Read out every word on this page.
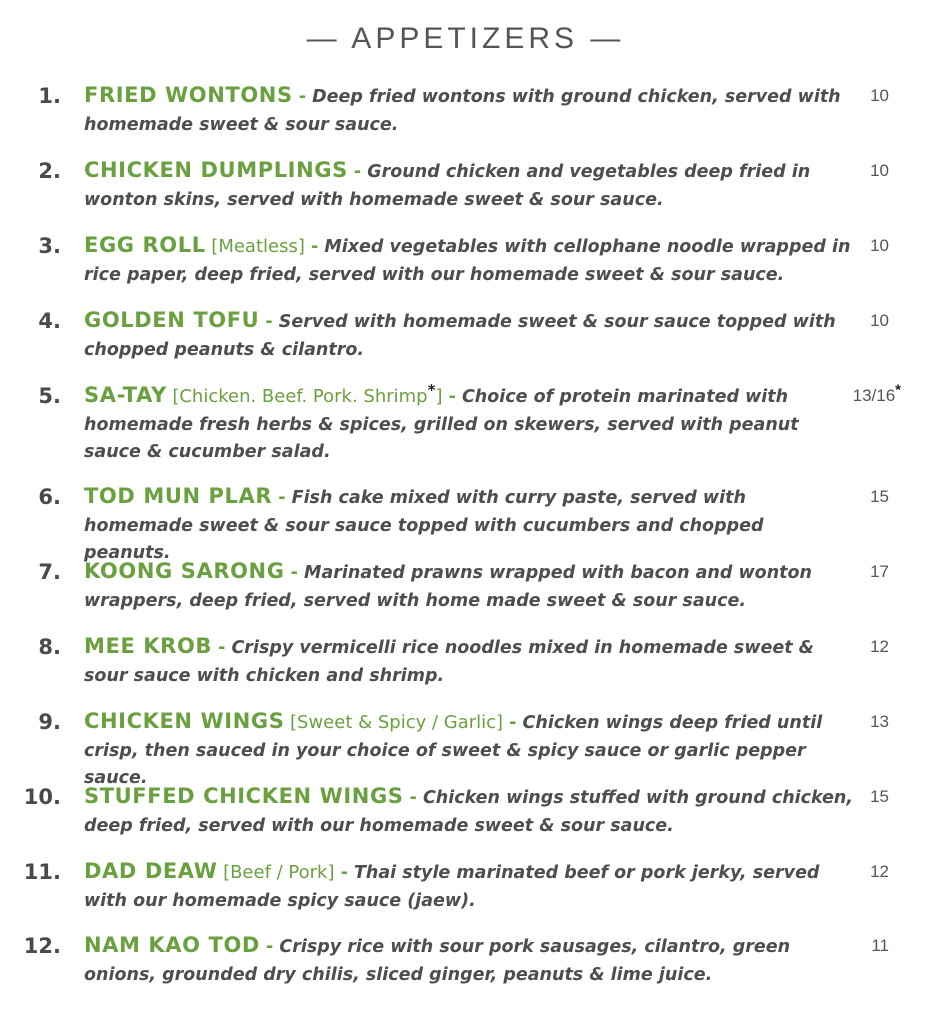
— APPETIZERS —
1. FRIED WONTONS - Deep fried wontons with ground chicken, served with homemade sweet & sour sauce.
10
2. CHICKEN DUMPLINGS - Ground chicken and vegetables deep fried in wonton skins, served with homemade sweet & sour sauce.
10
3. EGG ROLL [Meatless] - Mixed vegetables with cellophane noodle wrapped in rice paper, deep fried, served with our homemade sweet & sour sauce.
10
4. GOLDEN TOFU - Served with homemade sweet & sour sauce topped with chopped peanuts & cilantro.
10
5. SA-TAY [Chicken. Beef. Pork. Shrimp*] - Choice of protein marinated with homemade fresh herbs & spices, grilled on skewers, served with peanut sauce & cucumber salad.
13/16*
6. TOD MUN PLAR - Fish cake mixed with curry paste, served with homemade sweet & sour sauce topped with cucumbers and chopped peanuts.
15
7. KOONG SARONG - Marinated prawns wrapped with bacon and wonton wrappers, deep fried, served with home made sweet & sour sauce.
17
8. MEE KROB - Crispy vermicelli rice noodles mixed in homemade sweet & sour sauce with chicken and shrimp.
12
9. CHICKEN WINGS [Sweet & Spicy / Garlic] - Chicken wings deep fried until crisp, then sauced in your choice of sweet & spicy sauce or garlic pepper sauce.
13
10. STUFFED CHICKEN WINGS - Chicken wings stuffed with ground chicken, deep fried, served with our homemade sweet & sour sauce.
15
11. DAD DEAW [Beef / Pork] - Thai style marinated beef or pork jerky, served with our homemade spicy sauce (jaew).
12
12. NAM KAO TOD - Crispy rice with sour pork sausages, cilantro, green onions, grounded dry chilis, sliced ginger, peanuts & lime juice.
11
